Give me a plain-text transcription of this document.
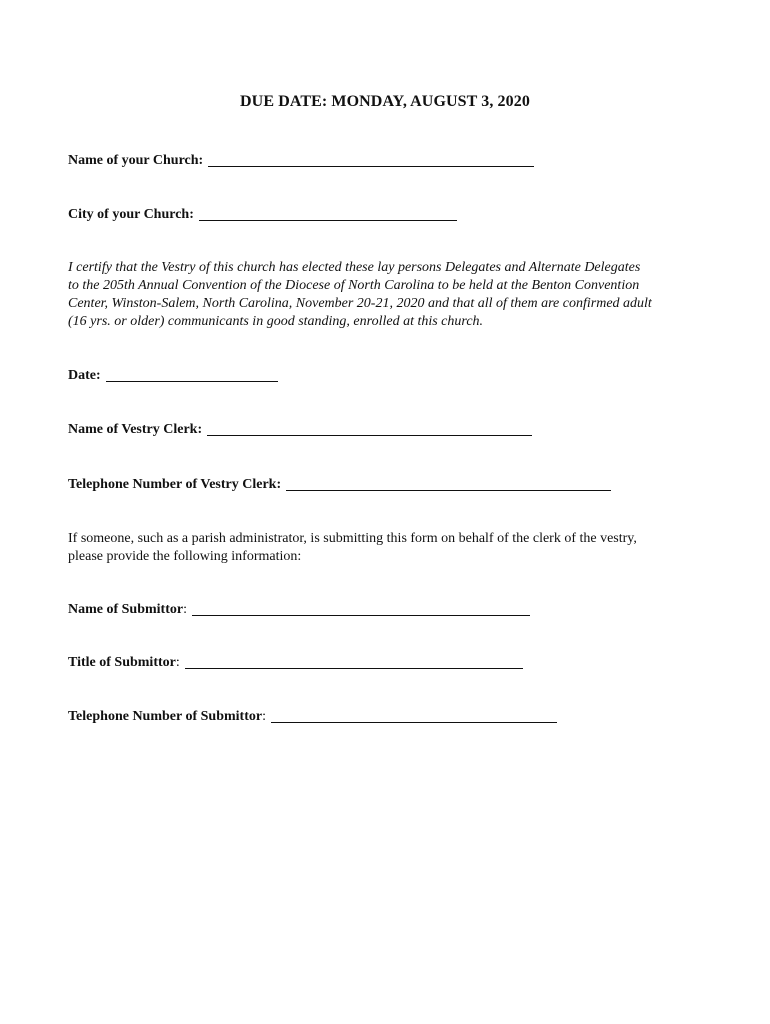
DUE DATE: MONDAY, AUGUST 3, 2020
Name of your Church:
City of your Church:
I certify that the Vestry of this church has elected these lay persons Delegates and Alternate Delegates
to the 205th Annual Convention of the Diocese of North Carolina to be held at the Benton Convention
Center, Winston-Salem, North Carolina, November 20-21, 2020 and that all of them are confirmed adult
(16 yrs. or older) communicants in good standing, enrolled at this church.
Date:
Name of Vestry Clerk:
Telephone Number of Vestry Clerk:
If someone, such as a parish administrator, is submitting this form on behalf of the clerk of the vestry,
please provide the following information:
Name of Submittor:
Title of Submittor:
Telephone Number of Submittor:
